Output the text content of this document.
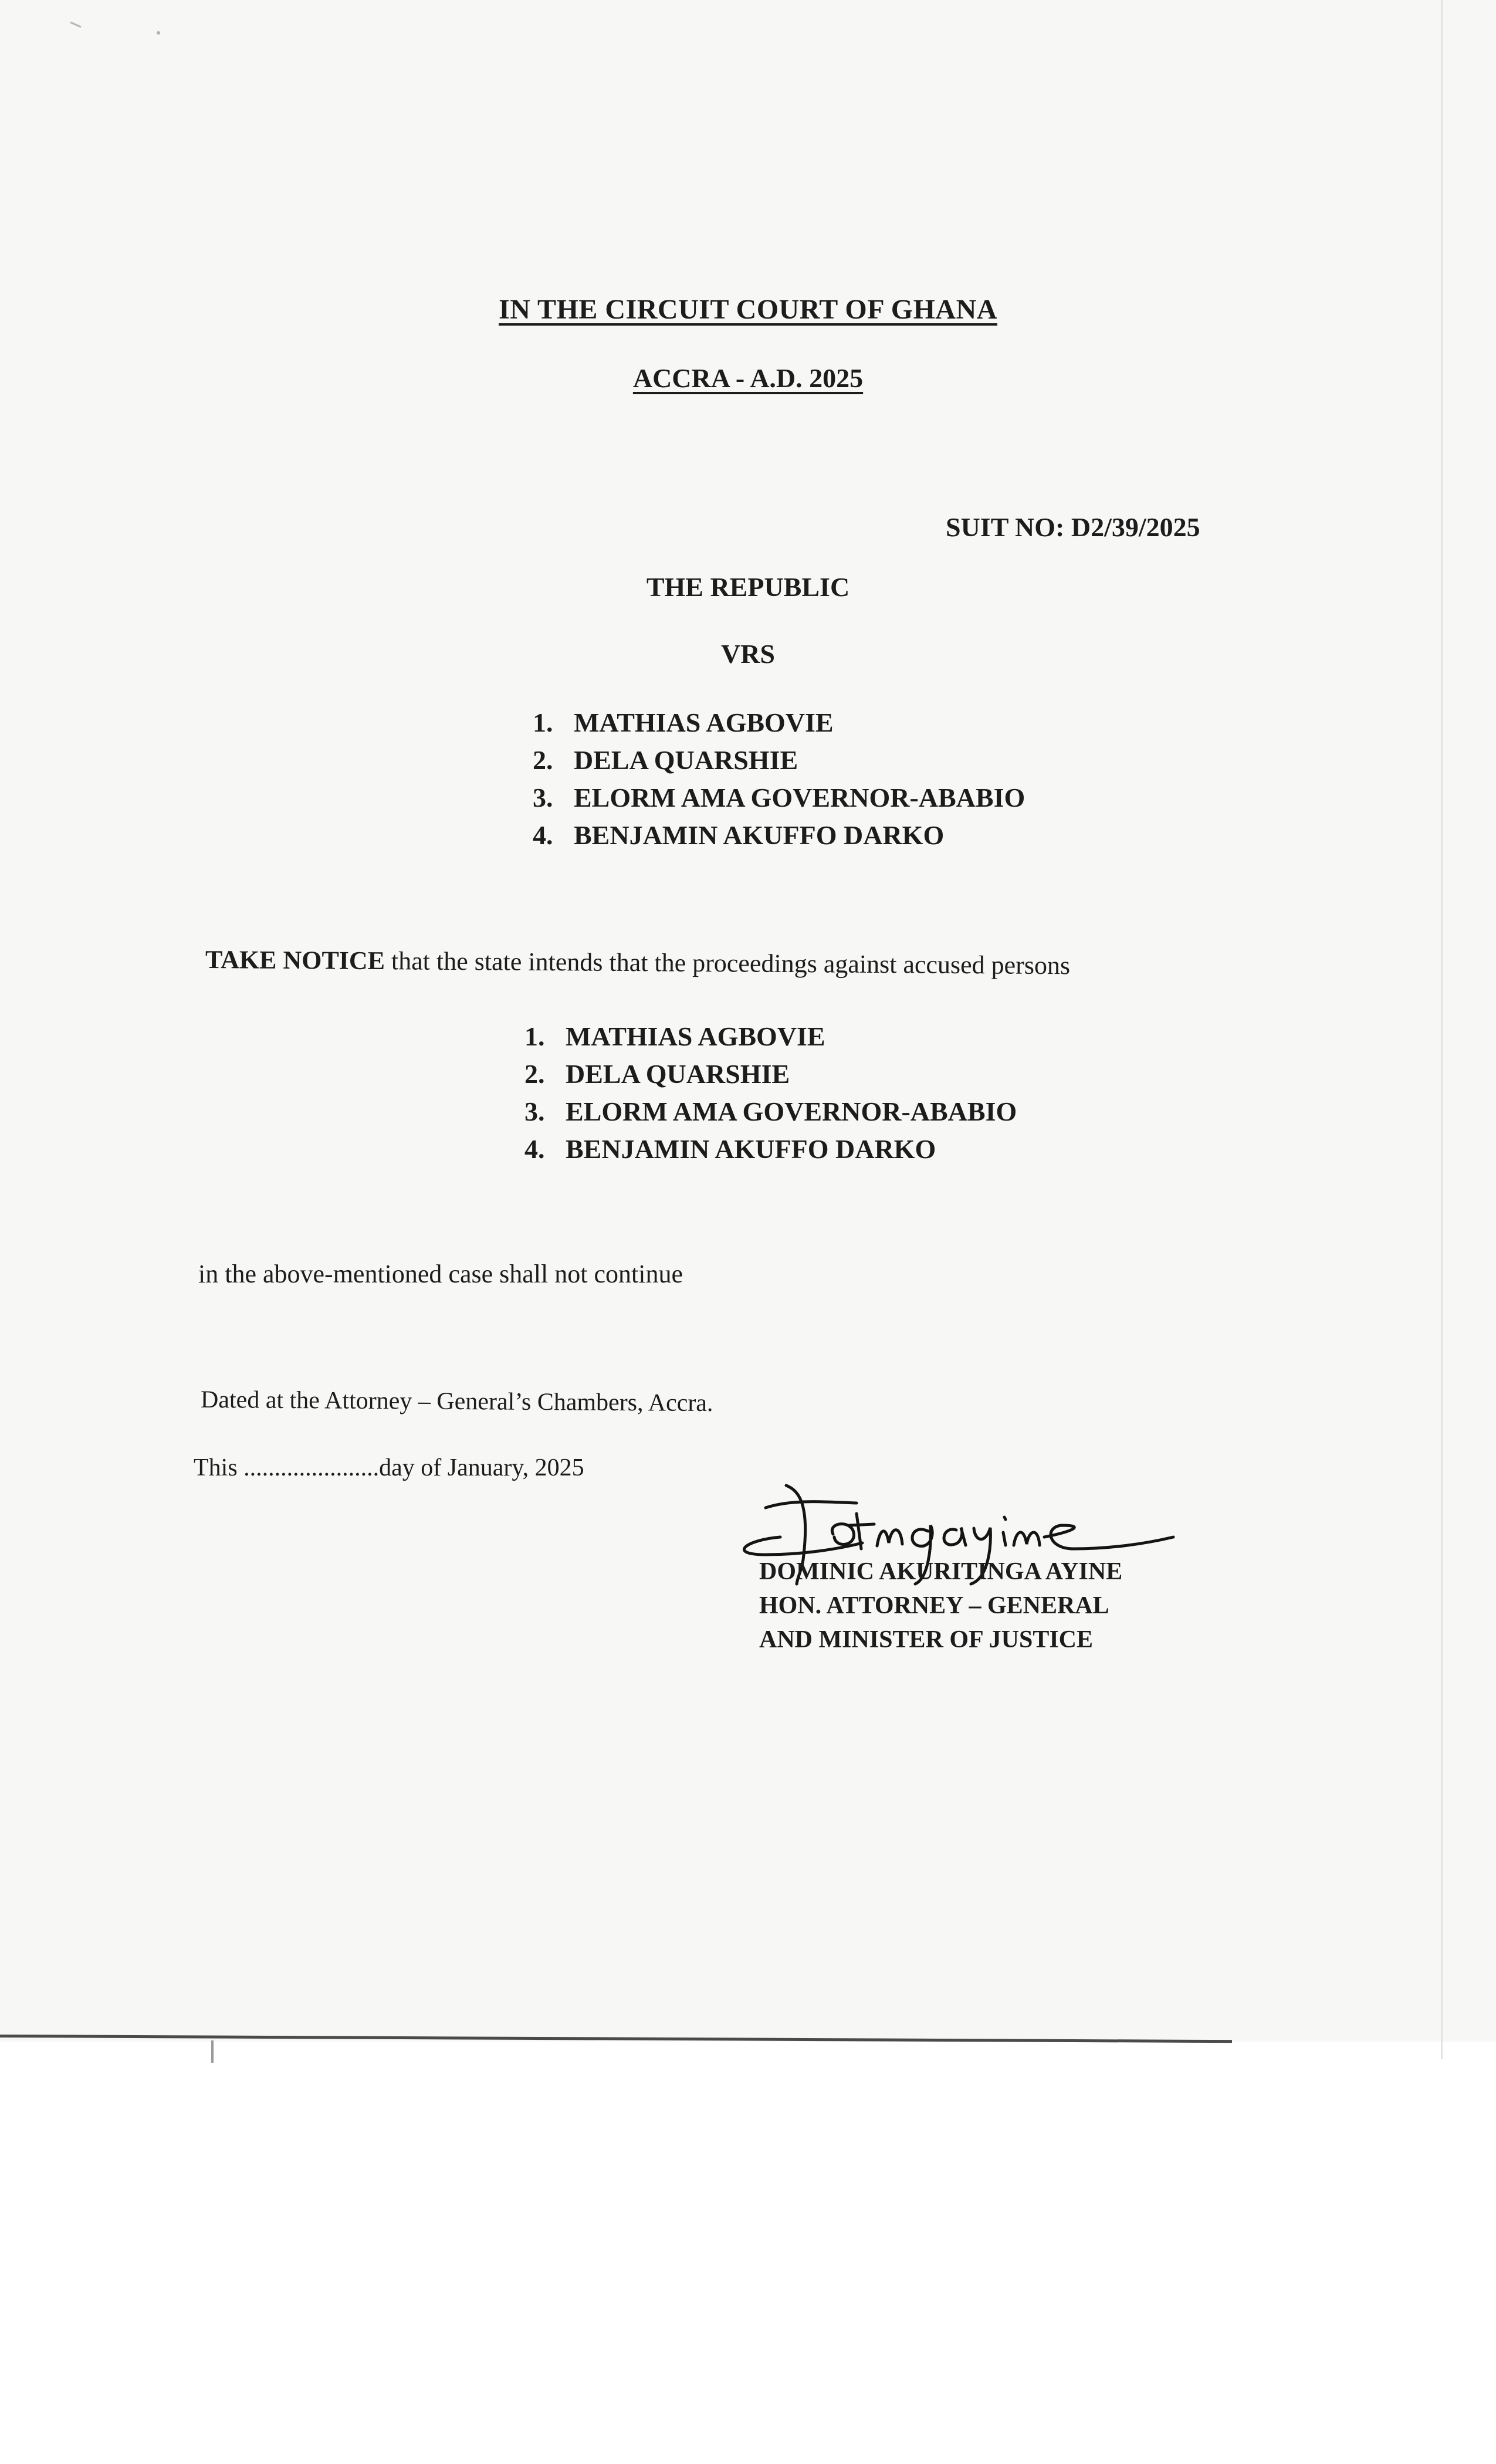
IN THE CIRCUIT COURT OF GHANA
ACCRA - A.D. 2025
SUIT NO: D2/39/2025
THE REPUBLIC
VRS
1. MATHIAS AGBOVIE
2. DELA QUARSHIE
3. ELORM AMA GOVERNOR-ABABIO
4. BENJAMIN AKUFFO DARKO
TAKE NOTICE that the state intends that the proceedings against accused persons
1. MATHIAS AGBOVIE
2. DELA QUARSHIE
3. ELORM AMA GOVERNOR-ABABIO
4. BENJAMIN AKUFFO DARKO
in the above-mentioned case shall not continue
Dated at the Attorney – General’s Chambers, Accra.
This ......................day of January, 2025
DOMINIC AKURITINGA AYINE
HON. ATTORNEY – GENERAL
AND MINISTER OF JUSTICE
